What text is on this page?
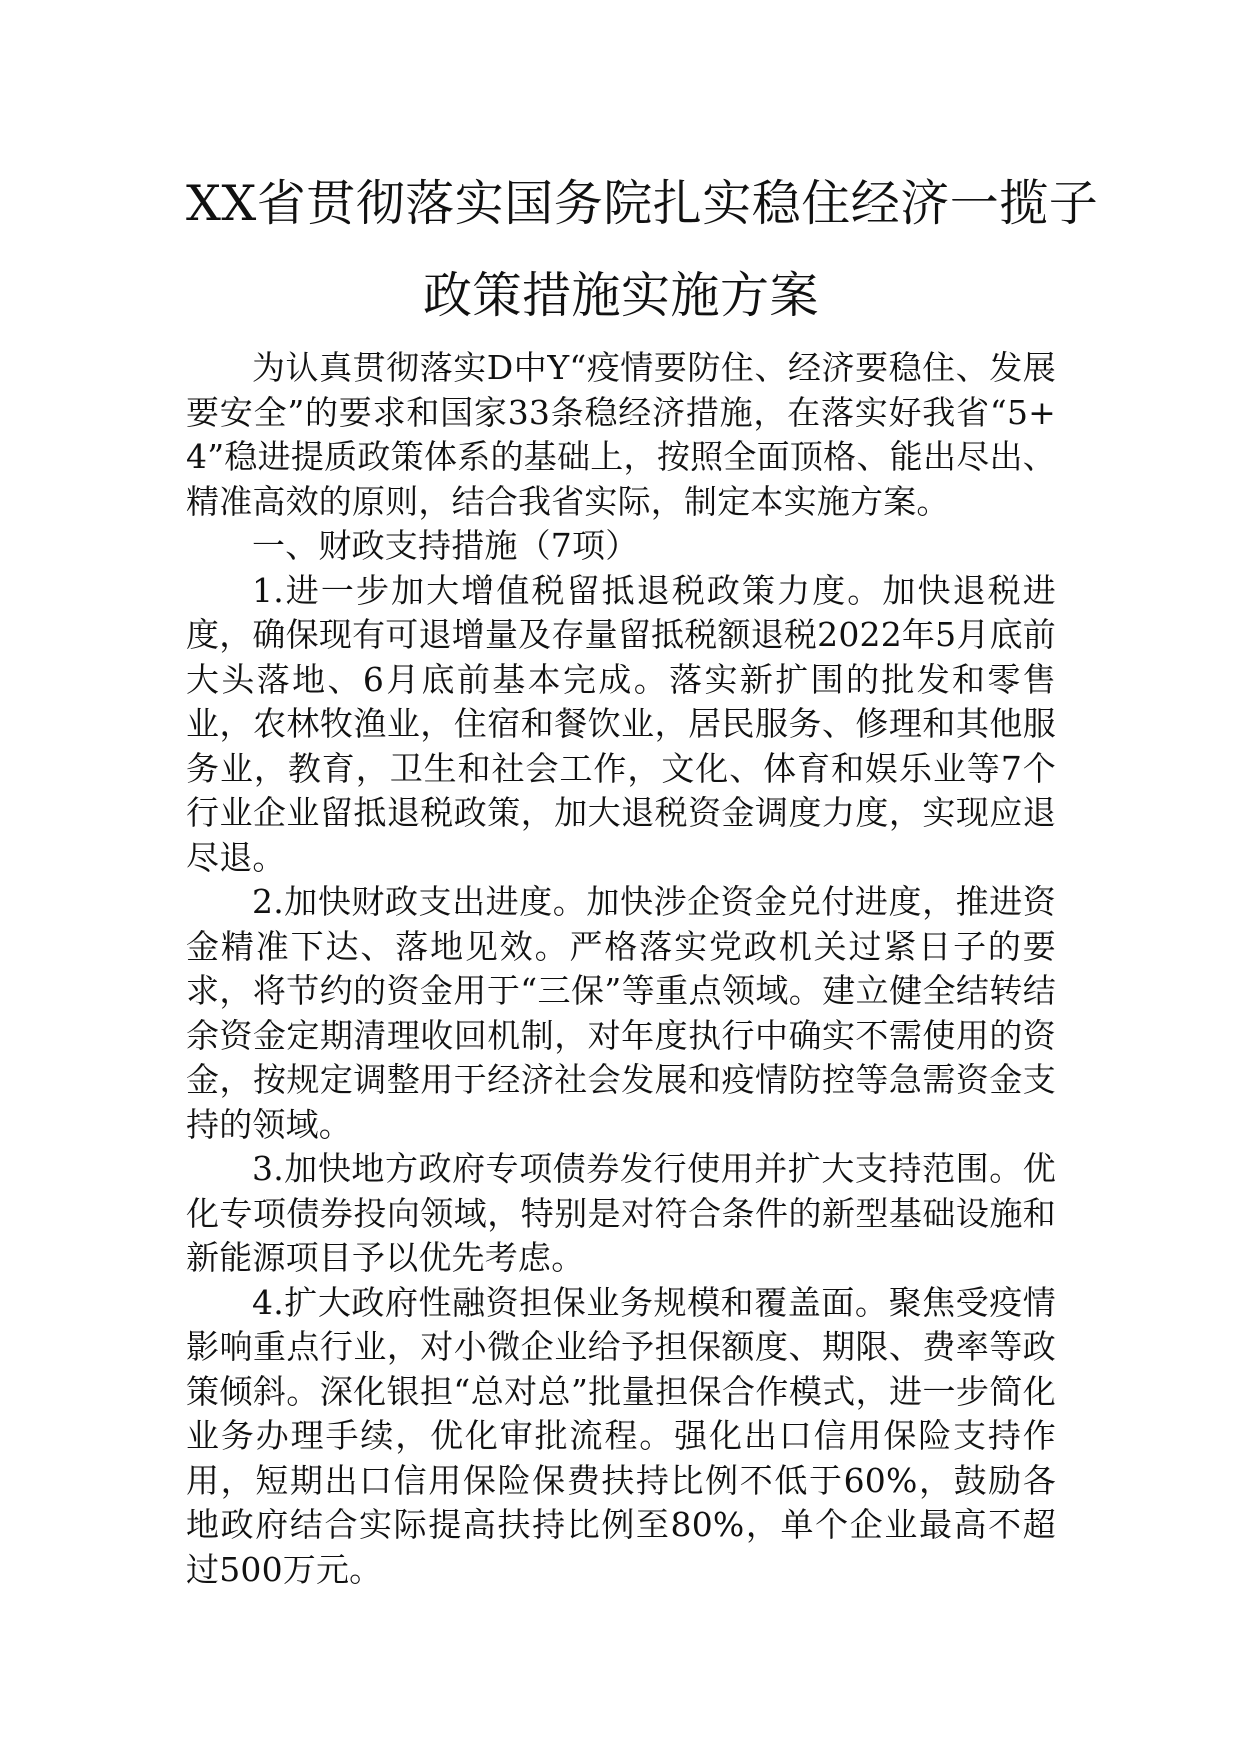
XX省贯彻落实国务院扎实稳住经济一揽子
政策措施实施方案

为认真贯彻落实D中Y“疫情要防住、经济要稳住、发展要安全”的要求和国家33条稳经济措施，在落实好我省“5+4”稳进提质政策体系的基础上，按照全面顶格、能出尽出、精准高效的原则，结合我省实际，制定本实施方案。

一、财政支持措施（7项）

1.进一步加大增值税留抵退税政策力度。加快退税进度，确保现有可退增量及存量留抵税额退税2022年5月底前大头落地、6月底前基本完成。落实新扩围的批发和零售业，农林牧渔业，住宿和餐饮业，居民服务、修理和其他服务业，教育，卫生和社会工作，文化、体育和娱乐业等7个行业企业留抵退税政策，加大退税资金调度力度，实现应退尽退。

2.加快财政支出进度。加快涉企资金兑付进度，推进资金精准下达、落地见效。严格落实党政机关过紧日子的要求，将节约的资金用于“三保”等重点领域。建立健全结转结余资金定期清理收回机制，对年度执行中确实不需使用的资金，按规定调整用于经济社会发展和疫情防控等急需资金支持的领域。

3.加快地方政府专项债券发行使用并扩大支持范围。优化专项债券投向领域，特别是对符合条件的新型基础设施和新能源项目予以优先考虑。

4.扩大政府性融资担保业务规模和覆盖面。聚焦受疫情影响重点行业，对小微企业给予担保额度、期限、费率等政策倾斜。深化银担“总对总”批量担保合作模式，进一步简化业务办理手续，优化审批流程。强化出口信用保险支持作用，短期出口信用保险保费扶持比例不低于60%，鼓励各地政府结合实际提高扶持比例至80%，单个企业最高不超过500万元。
